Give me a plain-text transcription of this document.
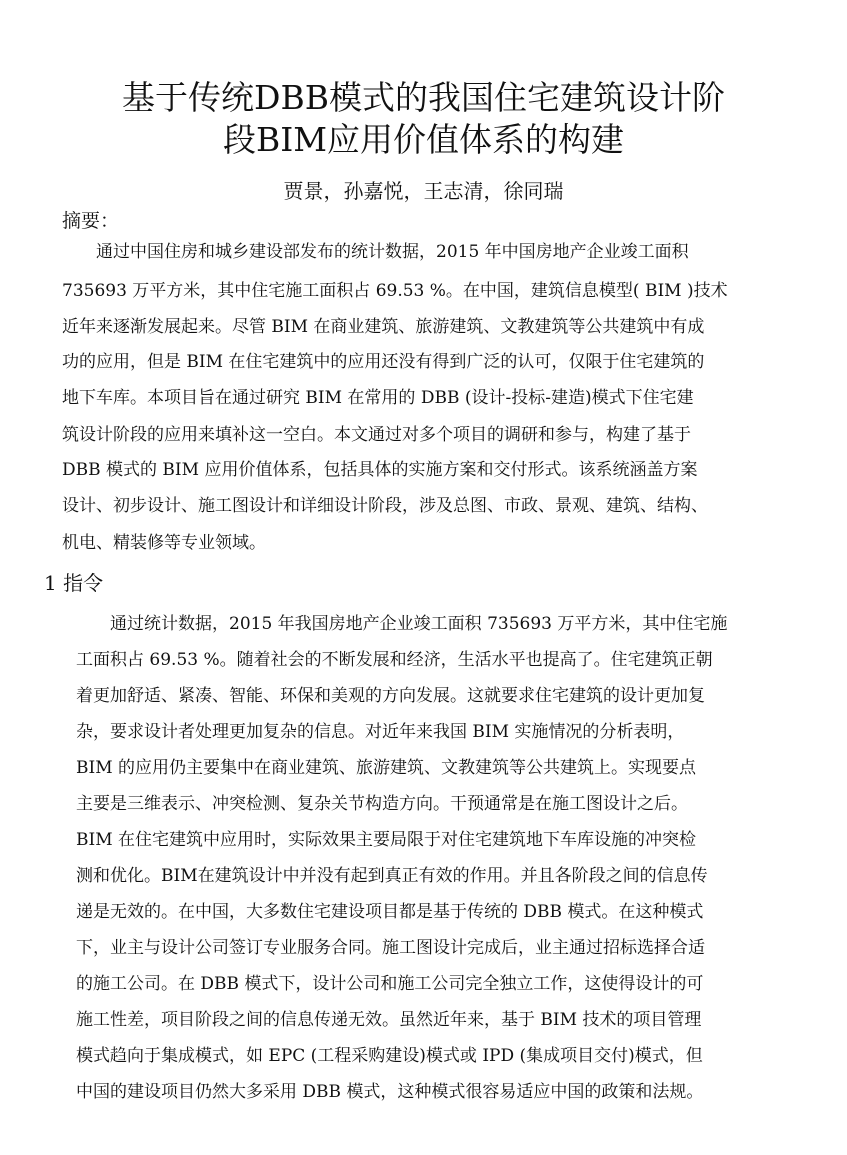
基于传统DBB模式的我国住宅建筑设计阶
段BIM应用价值体系的构建
贾景，孙嘉悦，王志清，徐同瑞
摘要：
通过中国住房和城乡建设部发布的统计数据，2015 年中国房地产企业竣工面积
735693 万平方米，其中住宅施工面积占 69.53 %。在中国，建筑信息模型( BIM )技术
近年来逐渐发展起来。尽管 BIM 在商业建筑、旅游建筑、文教建筑等公共建筑中有成
功的应用，但是 BIM 在住宅建筑中的应用还没有得到广泛的认可，仅限于住宅建筑的
地下车库。本项目旨在通过研究 BIM 在常用的 DBB (设计-投标-建造)模式下住宅建
筑设计阶段的应用来填补这一空白。本文通过对多个项目的调研和参与，构建了基于
DBB 模式的 BIM 应用价值体系，包括具体的实施方案和交付形式。该系统涵盖方案
设计、初步设计、施工图设计和详细设计阶段，涉及总图、市政、景观、建筑、结构、
机电、精装修等专业领域。
1 指令
通过统计数据，2015 年我国房地产企业竣工面积 735693 万平方米，其中住宅施
工面积占 69.53 %。随着社会的不断发展和经济，生活水平也提高了。住宅建筑正朝
着更加舒适、紧凑、智能、环保和美观的方向发展。这就要求住宅建筑的设计更加复
杂，要求设计者处理更加复杂的信息。对近年来我国 BIM 实施情况的分析表明，
BIM 的应用仍主要集中在商业建筑、旅游建筑、文教建筑等公共建筑上。实现要点
主要是三维表示、冲突检测、复杂关节构造方向。干预通常是在施工图设计之后。
BIM 在住宅建筑中应用时，实际效果主要局限于对住宅建筑地下车库设施的冲突检
测和优化。BIM在建筑设计中并没有起到真正有效的作用。并且各阶段之间的信息传
递是无效的。在中国，大多数住宅建设项目都是基于传统的 DBB 模式。在这种模式
下，业主与设计公司签订专业服务合同。施工图设计完成后，业主通过招标选择合适
的施工公司。在 DBB 模式下，设计公司和施工公司完全独立工作，这使得设计的可
施工性差，项目阶段之间的信息传递无效。虽然近年来，基于 BIM 技术的项目管理
模式趋向于集成模式，如 EPC (工程采购建设)模式或 IPD (集成项目交付)模式，但
中国的建设项目仍然大多采用 DBB 模式，这种模式很容易适应中国的政策和法规。
